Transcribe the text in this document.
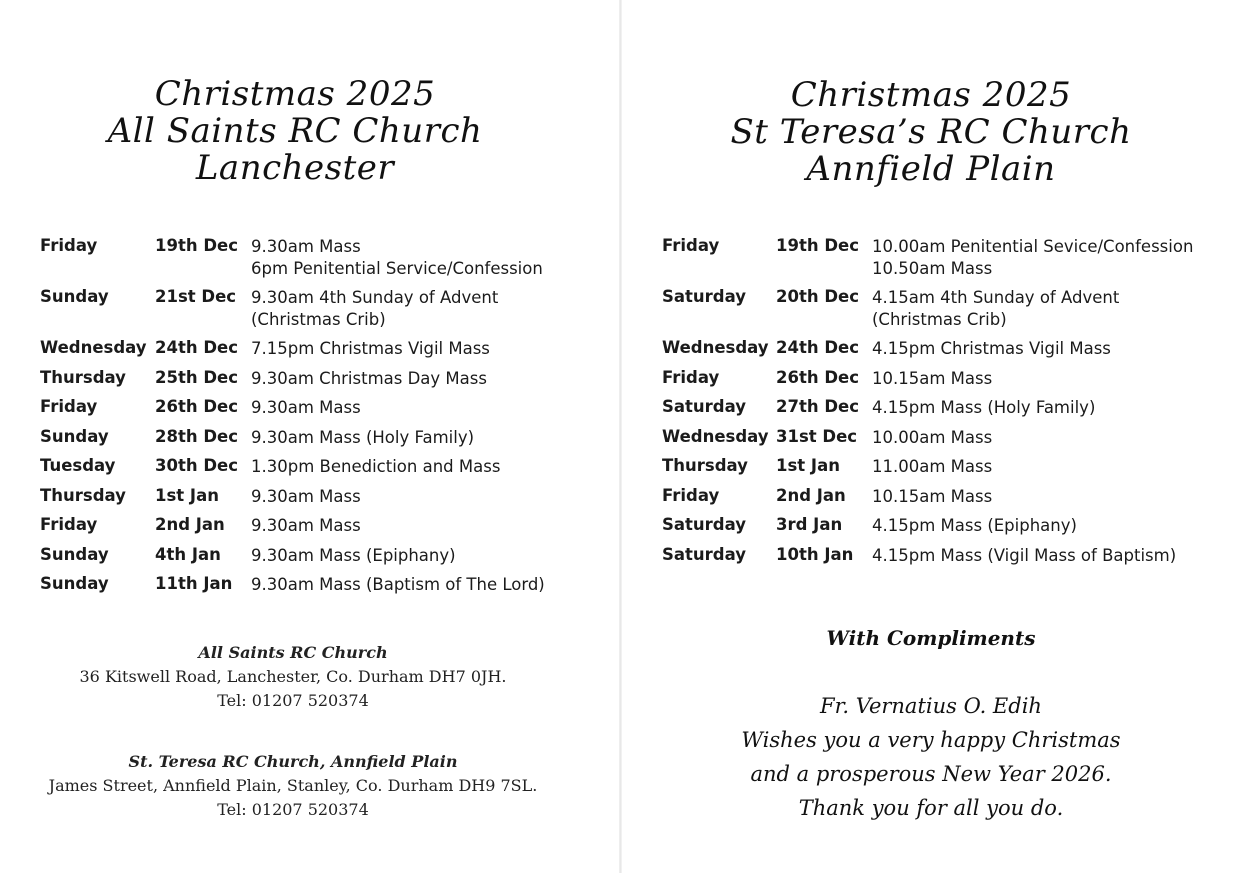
Christmas 2025
All Saints RC Church
Lanchester
Friday	19th Dec 9.30am Mass
6pm Penitential Service/Confession
Sunday	21st Dec 9.30am 4th Sunday of Advent
(Christmas Crib)
Wednesday 24th Dec 7.15pm Christmas Vigil Mass
Thursday 25th Dec 9.30am Christmas Day Mass
Friday	26th Dec 9.30am Mass
Sunday	28th Dec 9.30am Mass (Holy Family)
Tuesday 30th Dec 1.30pm Benediction and Mass
Thursday 1st Jan 9.30am Mass
Friday	2nd Jan 9.30am Mass
Sunday	4th Jan 9.30am Mass (Epiphany)
Sunday	11th Jan 9.30am Mass (Baptism of The Lord)
All Saints RC Church
36 Kitswell Road, Lanchester, Co. Durham DH7 0JH.
Tel: 01207 520374
St. Teresa RC Church, Annfield Plain
James Street, Annfield Plain, Stanley, Co. Durham DH9 7SL.
Tel: 01207 520374
Christmas 2025
St Teresa’s RC Church
Annfield Plain
Friday	19th Dec 10.00am Penitential Sevice/Confession
10.50am Mass
Saturday 20th Dec 4.15am 4th Sunday of Advent
(Christmas Crib)
Wednesday 24th Dec 4.15pm Christmas Vigil Mass
Friday	26th Dec 10.15am Mass
Saturday 27th Dec 4.15pm Mass (Holy Family)
Wednesday 31st Dec 10.00am Mass
Thursday 1st Jan 11.00am Mass
Friday	2nd Jan 10.15am Mass
Saturday 3rd Jan 4.15pm Mass (Epiphany)
Saturday 10th Jan 4.15pm Mass (Vigil Mass of Baptism)
With Compliments
Fr. Vernatius O. Edih
Wishes you a very happy Christmas
and a prosperous New Year 2026.
Thank you for all you do.
